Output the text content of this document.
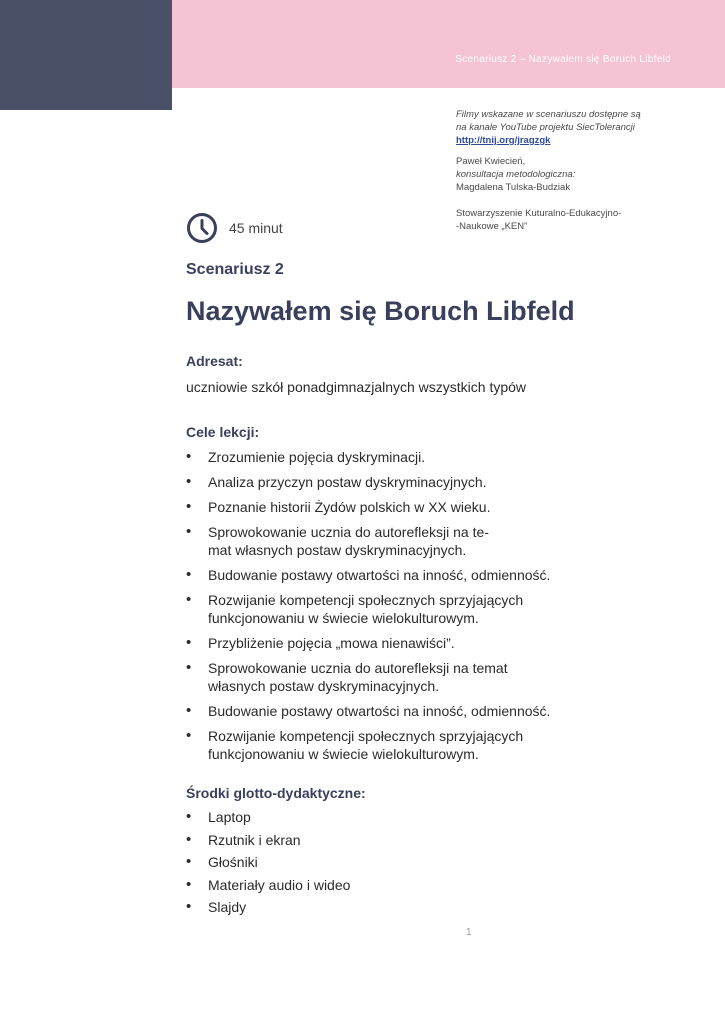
Scenariusz 2 – Nazywałem się Boruch Libfeld

Filmy wskazane w scenariuszu dostępne są

na kanale YouTube projektu SiecTolerancji

http://tnij.org/jragzgk

Paweł Kwiecień,

konsultacja metodologiczna:

Magdalena Tulska-Budziak

Stowarzyszenie Kuturalno-Edukacyjno-

-Naukowe „KEN”

45 minut
Scenariusz 2
Nazywałem się Boruch Libfeld

Adresat:

uczniowie szkół ponadgimnazjalnych wszystkich typów

Cele lekcji:

• Zrozumienie pojęcia dyskryminacji.
• Analiza przyczyn postaw dyskryminacyjnych.
• Poznanie historii Żydów polskich w XX wieku.
• Sprowokowanie ucznia do autorefleksji na te-
mat własnych postaw dyskryminacyjnych.
• Budowanie postawy otwartości na inność, odmienność.
• Rozwijanie kompetencji społecznych sprzyjających
funkcjonowaniu w świecie wielokulturowym.
• Przybliżenie pojęcia „mowa nienawiści”.
• Sprowokowanie ucznia do autorefleksji na temat
własnych postaw dyskryminacyjnych.
• Budowanie postawy otwartości na inność, odmienność.
• Rozwijanie kompetencji społecznych sprzyjających
funkcjonowaniu w świecie wielokulturowym.

Środki glotto-dydaktyczne:

• Laptop
• Rzutnik i ekran
• Głośniki
• Materiały audio i wideo
• Slajdy
1
